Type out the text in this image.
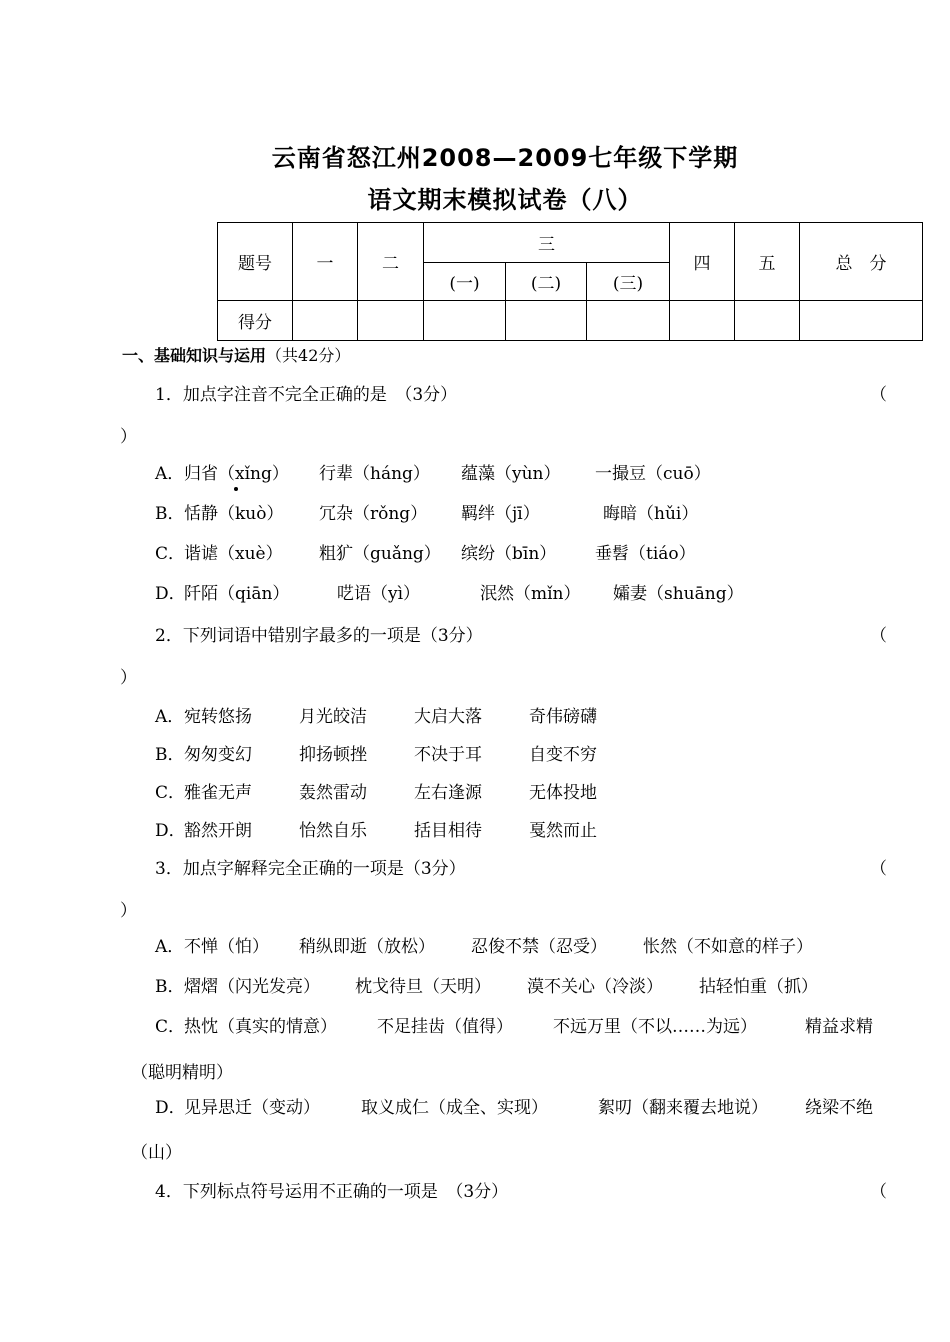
云南省怒江州2008—2009七年级下学期
语文期末模拟试卷（八）
题号	一	二	三			四	五	总　分
			(一)	(二)	(三)			
得分								
一、基础知识与运用（共42分）
1．加点字注音不完全正确的是　（3分）	（
）
A． 归省（xǐng） 行辈（háng） 蕴藻（yùn） 一撮豆（cuō）
B． 恬静（kuò） 冗杂（rǒng） 羁绊（jī）	晦暗（hǔi）
C．
谐谑（xuè） 粗犷（guǎng） 缤纷（bīn） 垂髫（tiáo）
D．
阡陌（qiān）	呓语（yì）	泯然（mǐn） 孀妻（shuāng）
2．下列词语中错别字最多的一项是（3分）	（
）
A． 宛转悠扬	月光皎洁	大启大落	奇伟磅礴
B． 匆匆变幻	抑扬顿挫	不决于耳	自变不穷
C．
雅雀无声	轰然雷动	左右逢源	无体投地
D．
豁然开朗	怡然自乐	括目相待	戛然而止
3．加点字解释完全正确的一项是（3分）	（
）
A． 不惮（怕） 稍纵即逝（放松） 忍俊不禁（忍受） 怅然（不如意的样子）
B． 熠熠（闪光发亮） 枕戈待旦（天明） 漠不关心（冷淡） 拈轻怕重（抓）
C．
热忱（真实的情意） 不足挂齿（值得） 不远万里（不以……为远）	精益求精
（聪明精明）
D．
见异思迁（变动） 取义成仁（成全、实现）	絮叨（翻来覆去地说） 绕梁不绝
（山）
4．下列标点符号运用不正确的一项是　（3分）	（
